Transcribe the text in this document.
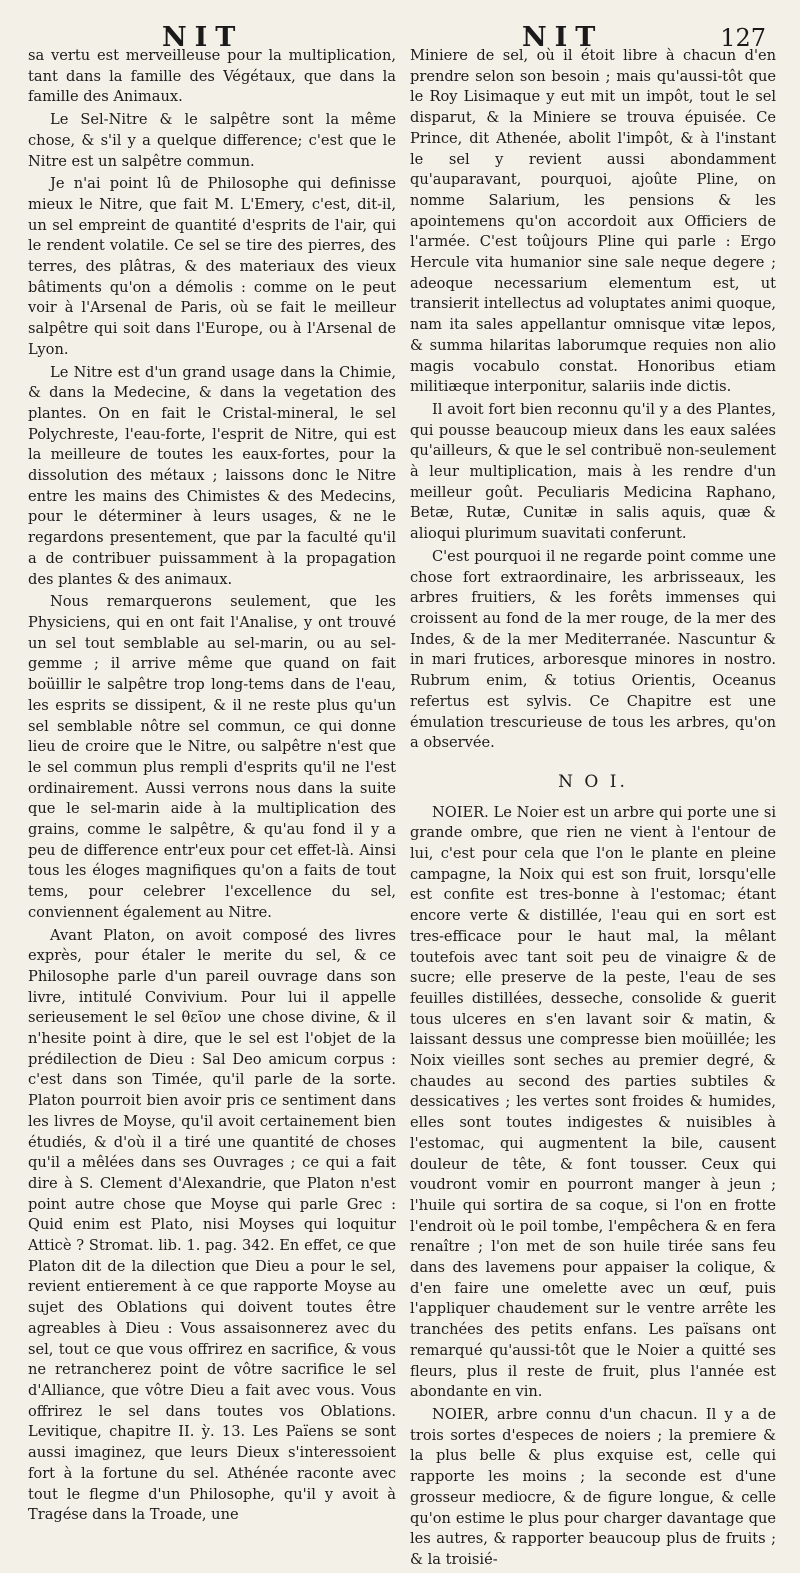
NIT	NIT	127

sa vertu est merveilleuse pour la multiplication, tant dans la famille des Végétaux, que dans la famille des Animaux.

Le Sel-Nitre & le salpêtre sont la même chose, & s'il y a quelque difference; c'est que le Nitre est un salpêtre commun.

Je n'ai point lû de Philosophe qui definisse mieux le Nitre, que fait M. L'Emery, c'est, dit-il, un sel empreint de quantité d'esprits de l'air, qui le rendent volatile. Ce sel se tire des pierres, des terres, des plâtras, & des materiaux des vieux bâtiments qu'on a démolis : comme on le peut voir à l'Arsenal de Paris, où se fait le meilleur salpêtre qui soit dans l'Europe, ou à l'Arsenal de Lyon.

Le Nitre est d'un grand usage dans la Chimie, & dans la Medecine, & dans la vegetation des plantes. On en fait le Cristal-mineral, le sel Polychreste, l'eau-forte, l'esprit de Nitre, qui est la meilleure de toutes les eaux-fortes, pour la dissolution des métaux ; laissons donc le Nitre entre les mains des Chimistes & des Medecins, pour le déterminer à leurs usages, & ne le regardons presentement, que par la faculté qu'il a de contribuer puissamment à la propagation des plantes & des animaux.

Nous remarquerons seulement, que les Physiciens, qui en ont fait l'Analise, y ont trouvé un sel tout semblable au sel-marin, ou au sel-gemme ; il arrive même que quand on fait boüillir le salpêtre trop long-tems dans de l'eau, les esprits se dissipent, & il ne reste plus qu'un sel semblable nôtre sel commun, ce qui donne lieu de croire que le Nitre, ou salpêtre n'est que le sel commun plus rempli d'esprits qu'il ne l'est ordinairement. Aussi verrons nous dans la suite que le sel-marin aide à la multiplication des grains, comme le salpêtre, & qu'au fond il y a peu de difference entr'eux pour cet effet-là. Ainsi tous les éloges magnifiques qu'on a faits de tout tems, pour celebrer l'excellence du sel, conviennent également au Nitre.

Avant Platon, on avoit composé des livres exprès, pour étaler le merite du sel, & ce Philosophe parle d'un pareil ouvrage dans son livre, intitulé Convivium. Pour lui il appelle serieusement le sel θεῖον une chose divine, & il n'hesite point à dire, que le sel est l'objet de la prédilection de Dieu : Sal Deo amicum corpus : c'est dans son Timée, qu'il parle de la sorte. Platon pourroit bien avoir pris ce sentiment dans les livres de Moyse, qu'il avoit certainement bien étudiés, & d'où il a tiré une quantité de choses qu'il a mêlées dans ses Ouvrages ; ce qui a fait dire à S. Clement d'Alexandrie, que Platon n'est point autre chose que Moyse qui parle Grec : Quid enim est Plato, nisi Moyses qui loquitur Atticè ? Stromat. lib. 1. pag. 342. En effet, ce que Platon dit de la dilection que Dieu a pour le sel, revient entierement à ce que rapporte Moyse au sujet des Oblations qui doivent toutes être agreables à Dieu : Vous assaisonnerez avec du sel, tout ce que vous offrirez en sacrifice, & vous ne retrancherez point de vôtre sacrifice le sel d'Alliance, que vôtre Dieu a fait avec vous. Vous offrirez le sel dans toutes vos Oblations. Levitique, chapitre II. ỳ. 13. Les Païens se sont aussi imaginez, que leurs Dieux s'interessoient fort à la fortune du sel. Athénée raconte avec tout le flegme d'un Philosophe, qu'il y avoit à Tragése dans la Troade, une

Miniere de sel, où il étoit libre à chacun d'en prendre selon son besoin ; mais qu'aussi-tôt que le Roy Lisimaque y eut mit un impôt, tout le sel disparut, & la Miniere se trouva épuisée. Ce Prince, dit Athenée, abolit l'impôt, & à l'instant le sel y revient aussi abondamment qu'auparavant, pourquoi, ajoûte Pline, on nomme Salarium, les pensions & les apointemens qu'on accordoit aux Officiers de l'armée. C'est toûjours Pline qui parle : Ergo Hercule vita humanior sine sale neque degere ; adeoque necessarium elementum est, ut transierit intellectus ad voluptates animi quoque, nam ita sales appellantur omnisque vitæ lepos, & summa hilaritas laborumque requies non alio magis vocabulo constat. Honoribus etiam militiæque interponitur, salariis inde dictis.

Il avoit fort bien reconnu qu'il y a des Plantes, qui pousse beaucoup mieux dans les eaux salées qu'ailleurs, & que le sel contribuë non-seulement à leur multiplication, mais à les rendre d'un meilleur goût. Peculiaris Medicina Raphano, Betæ, Rutæ, Cunitæ in salis aquis, quæ & alioqui plurimum suavitati conferunt.

C'est pourquoi il ne regarde point comme une chose fort extraordinaire, les arbrisseaux, les arbres fruitiers, & les forêts immenses qui croissent au fond de la mer rouge, de la mer des Indes, & de la mer Mediterranée. Nascuntur & in mari frutices, arboresque minores in nostro. Rubrum enim, & totius Orientis, Oceanus refertus est sylvis. Ce Chapitre est une émulation trescurieuse de tous les arbres, qu'on a observée.

N O I.

NOIER. Le Noier est un arbre qui porte une si grande ombre, que rien ne vient à l'entour de lui, c'est pour cela que l'on le plante en pleine campagne, la Noix qui est son fruit, lorsqu'elle est confite est tres-bonne à l'estomac; étant encore verte & distillée, l'eau qui en sort est tres-efficace pour le haut mal, la mêlant toutefois avec tant soit peu de vinaigre & de sucre; elle preserve de la peste, l'eau de ses feuilles distillées, desseche, consolide & guerit tous ulceres en s'en lavant soir & matin, & laissant dessus une compresse bien moüillée; les Noix vieilles sont seches au premier degré, & chaudes au second des parties subtiles & dessicatives ; les vertes sont froides & humides, elles sont toutes indigestes & nuisibles à l'estomac, qui augmentent la bile, causent douleur de tête, & font tousser. Ceux qui voudront vomir en pourront manger à jeun ; l'huile qui sortira de sa coque, si l'on en frotte l'endroit où le poil tombe, l'empêchera & en fera renaître ; l'on met de son huile tirée sans feu dans des lavemens pour appaiser la colique, & d'en faire une omelette avec un œuf, puis l'appliquer chaudement sur le ventre arrête les tranchées des petits enfans. Les païsans ont remarqué qu'aussi-tôt que le Noier a quitté ses fleurs, plus il reste de fruit, plus l'année est abondante en vin.

NOIER, arbre connu d'un chacun. Il y a de trois sortes d'especes de noiers ; la premiere & la plus belle & plus exquise est, celle qui rapporte les moins ; la seconde est d'une grosseur mediocre, & de figure longue, & celle qu'on estime le plus pour charger davantage que les autres, & rapporter beaucoup plus de fruits ; & la troisié-
